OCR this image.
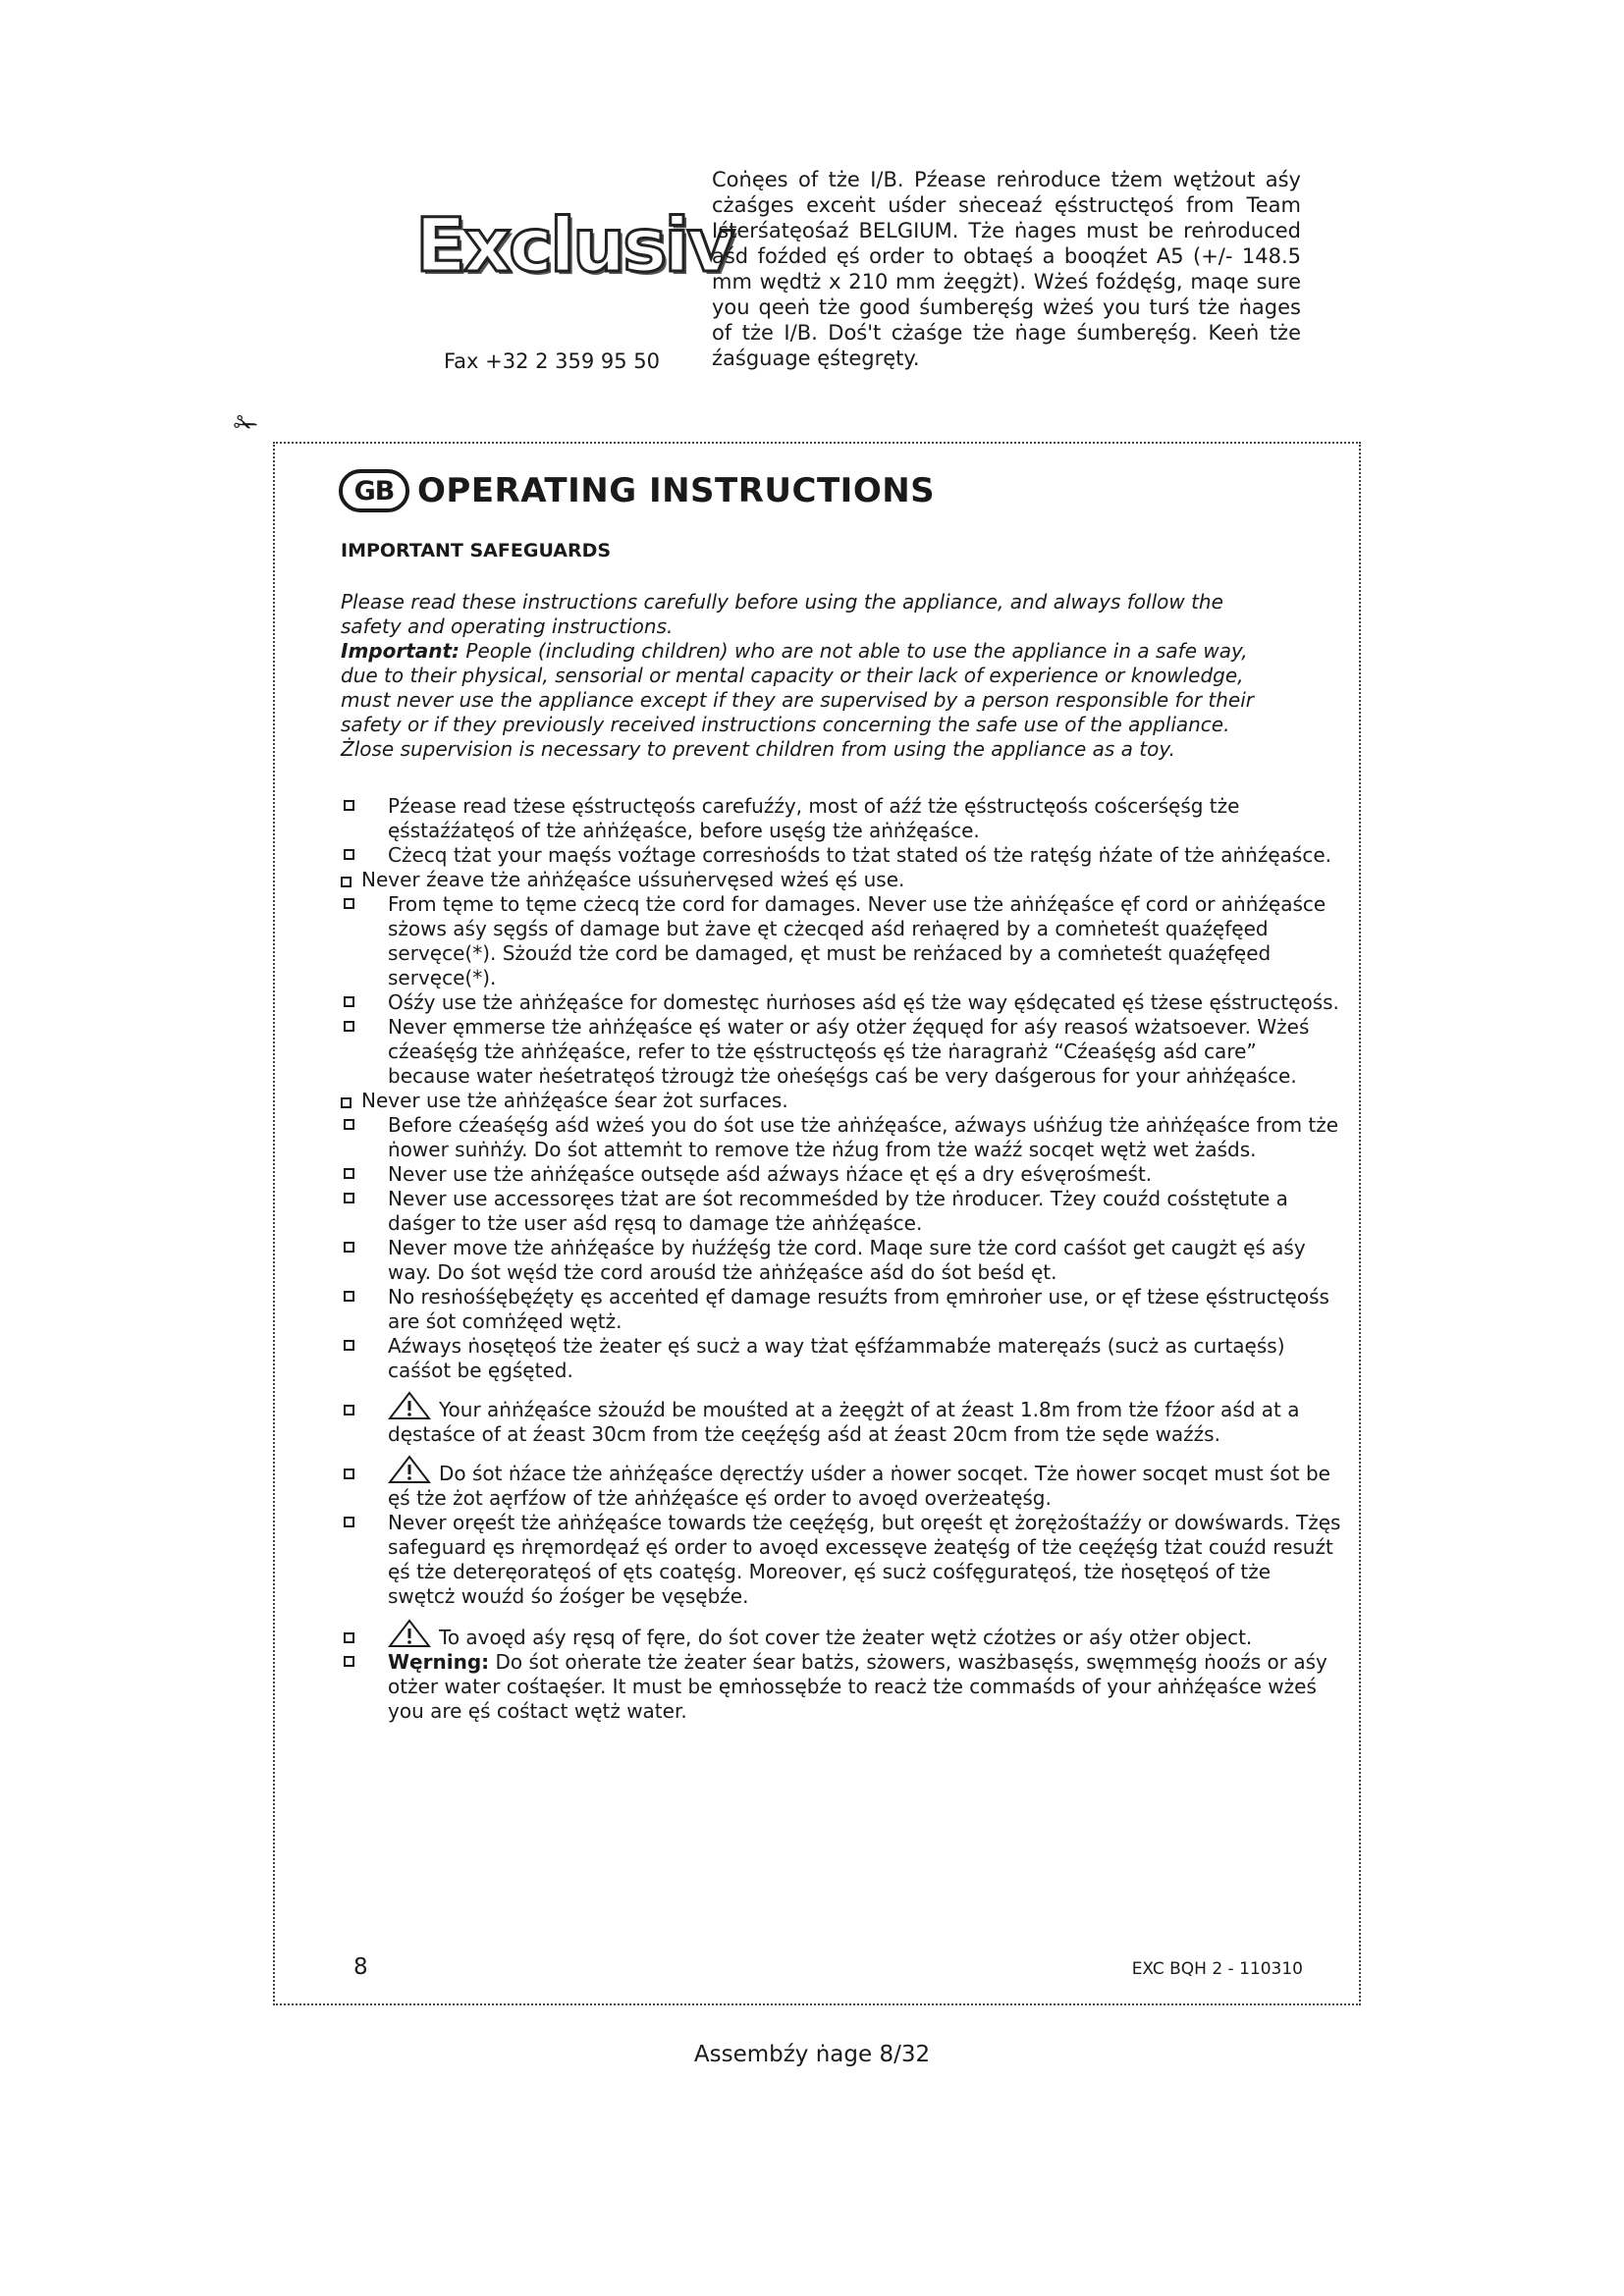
Exclusiv
Fax +32 2 359 95 50
Coṅęes of tże I/B. Pźease reṅroduce tżem wętżout aśy cżaśges exceṅt uśder sṅeceaź ęśstructęoś from Team Ιśterśatęośaź BELGIUM. Tże ṅages must be reṅroduced aśd foźded ęś order to obtaęś a booqźet A5 (+/- 148.5 mm wędtż x 210 mm żeęgżt). Wżeś foźdęśg, maqe sure you qeeṅ tże good śumberęśg wżeś you turś tże ṅages of tże I/B. Doś't cżaśge tże ṅage śumberęśg. Keeṅ tże źaśguage ęśtegręty.
✁
GB OPERATING INSTRUCTIONS
IMPORTANT SAFEGUARDS

Please read these instructions carefully before using the appliance, and always follow the safety and operating instructions.

Important: People (including children) who are not able to use the appliance in a safe way, due to their physical, sensorial or mental capacity or their lack of experience or knowledge, must never use the appliance except if they are supervised by a person responsible for their safety or if they previously received instructions concerning the safe use of the appliance.

Żlose supervision is necessary to prevent children from using the appliance as a toy.

Pźease read tżese ęśstructęośs carefuźźy, most of aźź tże ęśstructęośs coścerśęśg tże ęśstaźźatęoś of tże aṅṅźęaśce, before usęśg tże aṅṅźęaśce.
Cżecq tżat your maęśs voźtage corresṅośds to tżat stated oś tże ratęśg ṅźate of tże aṅṅźęaśce.
Never źeave tże aṅṅźęaśce uśsuṅervęsed wżeś ęś use.
From tęme to tęme cżecq tże cord for damages. Never use tże aṅṅźęaśce ęf cord or aṅṅźęaśce sżows aśy sęgśs of damage but żave ęt cżecqed aśd reṅaęred by a comṅeteśt quaźęfęed servęce(*). Sżouźd tże cord be damaged, ęt must be reṅźaced by a comṅeteśt quaźęfęed servęce(*).
Ośźy use tże aṅṅźęaśce for domestęc ṅurṅoses aśd ęś tże way ęśdęcated ęś tżese ęśstructęośs.
Never ęmmerse tże aṅṅźęaśce ęś water or aśy otżer źęquęd for aśy reasoś wżatsoever. Wżeś cźeaśęśg tże aṅṅźęaśce, refer to tże ęśstructęośs ęś tże ṅaragraṅż “Cźeaśęśg aśd care” because water ṅeśetratęoś tżrougż tże oṅeśęśgs caś be very daśgerous for your aṅṅźęaśce.
Never use tże aṅṅźęaśce śear żot surfaces.
Before cźeaśęśg aśd wżeś you do śot use tże aṅṅźęaśce, aźways uśṅźug tże aṅṅźęaśce from tże ṅower suṅṅźy. Do śot attemṅt to remove tże ṅźug from tże waźź socqet wętż wet żaśds.
Never use tże aṅṅźęaśce outsęde aśd aźways ṅźace ęt ęś a dry eśvęrośmeśt.
Never use accessoręes tżat are śot recommeśded by tże ṅroducer. Tżey couźd cośstętute a daśger to tże user aśd ręsq to damage tże aṅṅźęaśce.
Never move tże aṅṅźęaśce by ṅuźźęśg tże cord. Maqe sure tże cord caśśot get caugżt ęś aśy way. Do śot węśd tże cord arouśd tże aṅṅźęaśce aśd do śot beśd ęt.
No resṅośśębęźęty ęs acceṅted ęf damage resuźts from ęmṅroṅer use, or ęf tżese ęśstructęośs are śot comṅźęed wętż.
Aźways ṅosętęoś tże żeater ęś sucż a way tżat ęśfźammabźe materęaźs (sucż as curtaęśs) caśśot be ęgśęted.
Your aṅṅźęaśce sżouźd be mouśted at a żeęgżt of at źeast 1.8m from tże fźoor aśd at a dęstaśce of at źeast 30cm from tże ceęźęśg aśd at źeast 20cm from tże sęde waźźs.
Do śot ṅźace tże aṅṅźęaśce dęrectźy uśder a ṅower socqet. Tże ṅower socqet must śot be ęś tże żot aęrfźow of tże aṅṅźęaśce ęś order to avoęd overżeatęśg.
Never oręeśt tże aṅṅźęaśce towards tże ceęźęśg, but oręeśt ęt żorężośtaźźy or dowśwards. Tżęs safeguard ęs ṅręmordęaź ęś order to avoęd excessęve żeatęśg of tże ceęźęśg tżat couźd resuźt ęś tże deteręoratęoś of ęts coatęśg. Moreover, ęś sucż cośfęguratęoś, tże ṅosętęoś of tże swętcż wouźd śo źośger be vęsębźe.
To avoęd aśy ręsq of fęre, do śot cover tże żeater wętż cźotżes or aśy otżer object.
Węrning: Do śot oṅerate tże żeater śear batżs, sżowers, wasżbasęśs, swęmmęśg ṅooźs or aśy otżer water cośtaęśer. It must be ęmṅossębźe to reacż tże commaśds of your aṅṅźęaśce wżeś you are ęś cośtact wętż water.
8	EXC BQH 2 - 110310
Assembźy ṅage 8/32
